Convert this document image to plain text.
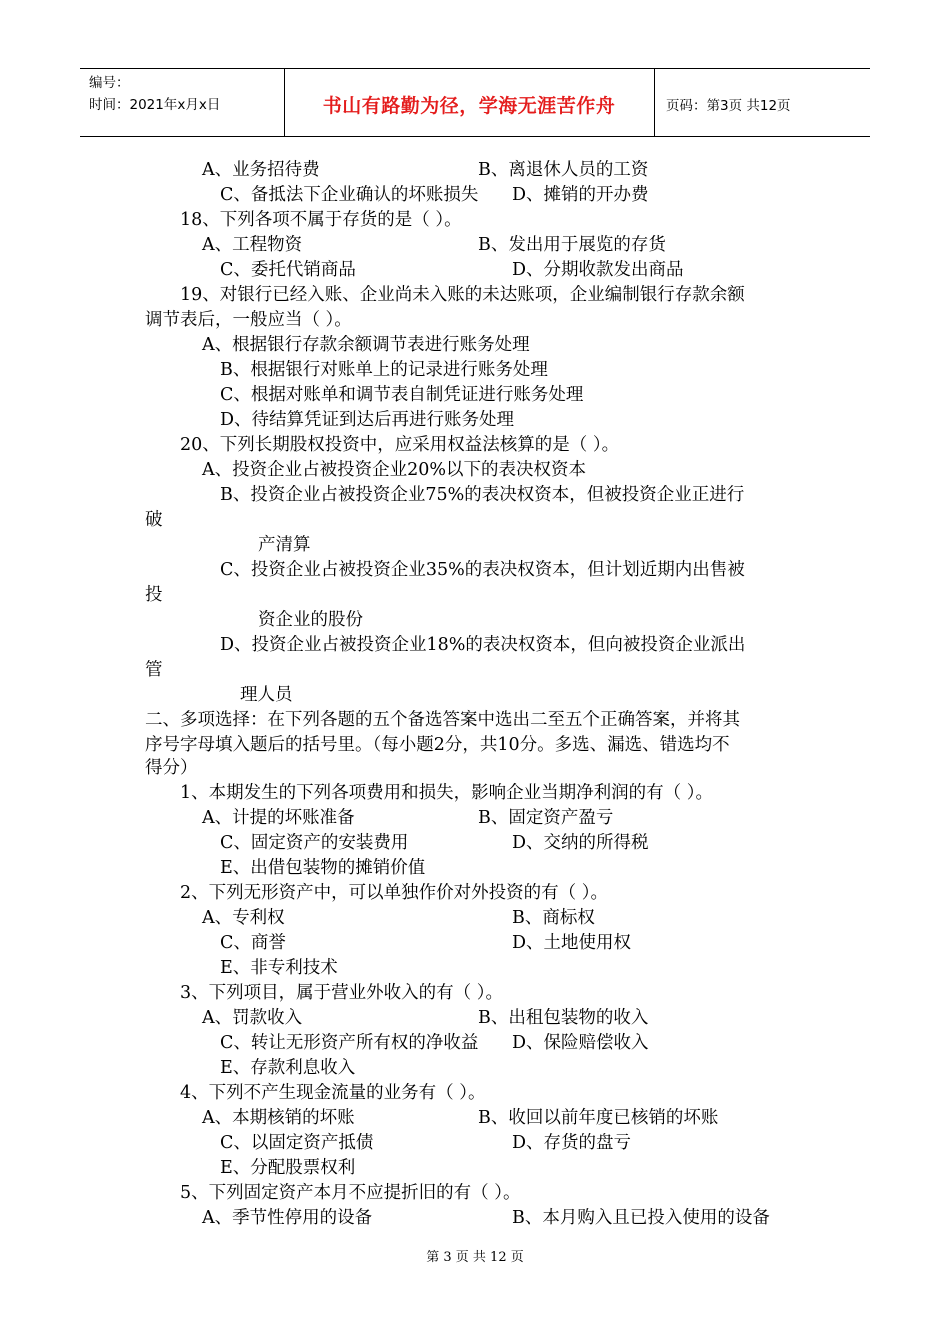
编号：
时间：2021年x月x日	书山有路勤为径，学海无涯苦作舟	页码：第3页 共12页
A、业务招待费	B、离退休人员的工资
C、备抵法下企业确认的坏账损失 D、摊销的开办费
18、下列各项不属于存货的是（ ）。
A、工程物资	B、发出用于展览的存货
C、委托代销商品	D、分期收款发出商品
19、对银行已经入账、企业尚未入账的未达账项，企业编制银行存款余额
调节表后，一般应当（ ）。
A、根据银行存款余额调节表进行账务处理
B、根据银行对账单上的记录进行账务处理
C、根据对账单和调节表自制凭证进行账务处理
D、待结算凭证到达后再进行账务处理
20、下列长期股权投资中，应采用权益法核算的是（ ）。
A、投资企业占被投资企业20%以下的表决权资本
B、投资企业占被投资企业75%的表决权资本，但被投资企业正进行
破
产清算
C、投资企业占被投资企业35%的表决权资本，但计划近期内出售被
投
资企业的股份
D、投资企业占被投资企业18%的表决权资本，但向被投资企业派出
管
理人员
二、多项选择：在下列各题的五个备选答案中选出二至五个正确答案，并将其
序号字母填入题后的括号里。（每小题2分，共10分。多选、漏选、错选均不
得分）
1、本期发生的下列各项费用和损失，影响企业当期净利润的有（ ）。
A、计提的坏账准备	B、固定资产盈亏
C、固定资产的安装费用	D、交纳的所得税
E、出借包装物的摊销价值
2、下列无形资产中，可以单独作价对外投资的有（ ）。
A、专利权	B、商标权
C、商誉	D、土地使用权
E、非专利技术
3、下列项目，属于营业外收入的有（ ）。
A、罚款收入	B、出租包装物的收入
C、转让无形资产所有权的净收益 D、保险赔偿收入
E、存款利息收入
4、下列不产生现金流量的业务有（ ）。
A、本期核销的坏账	B、收回以前年度已核销的坏账
C、以固定资产抵债	D、存货的盘亏
E、分配股票权利
5、下列固定资产本月不应提折旧的有（ ）。
A、季节性停用的设备	B、本月购入且已投入使用的设备
第 3 页 共 12 页
